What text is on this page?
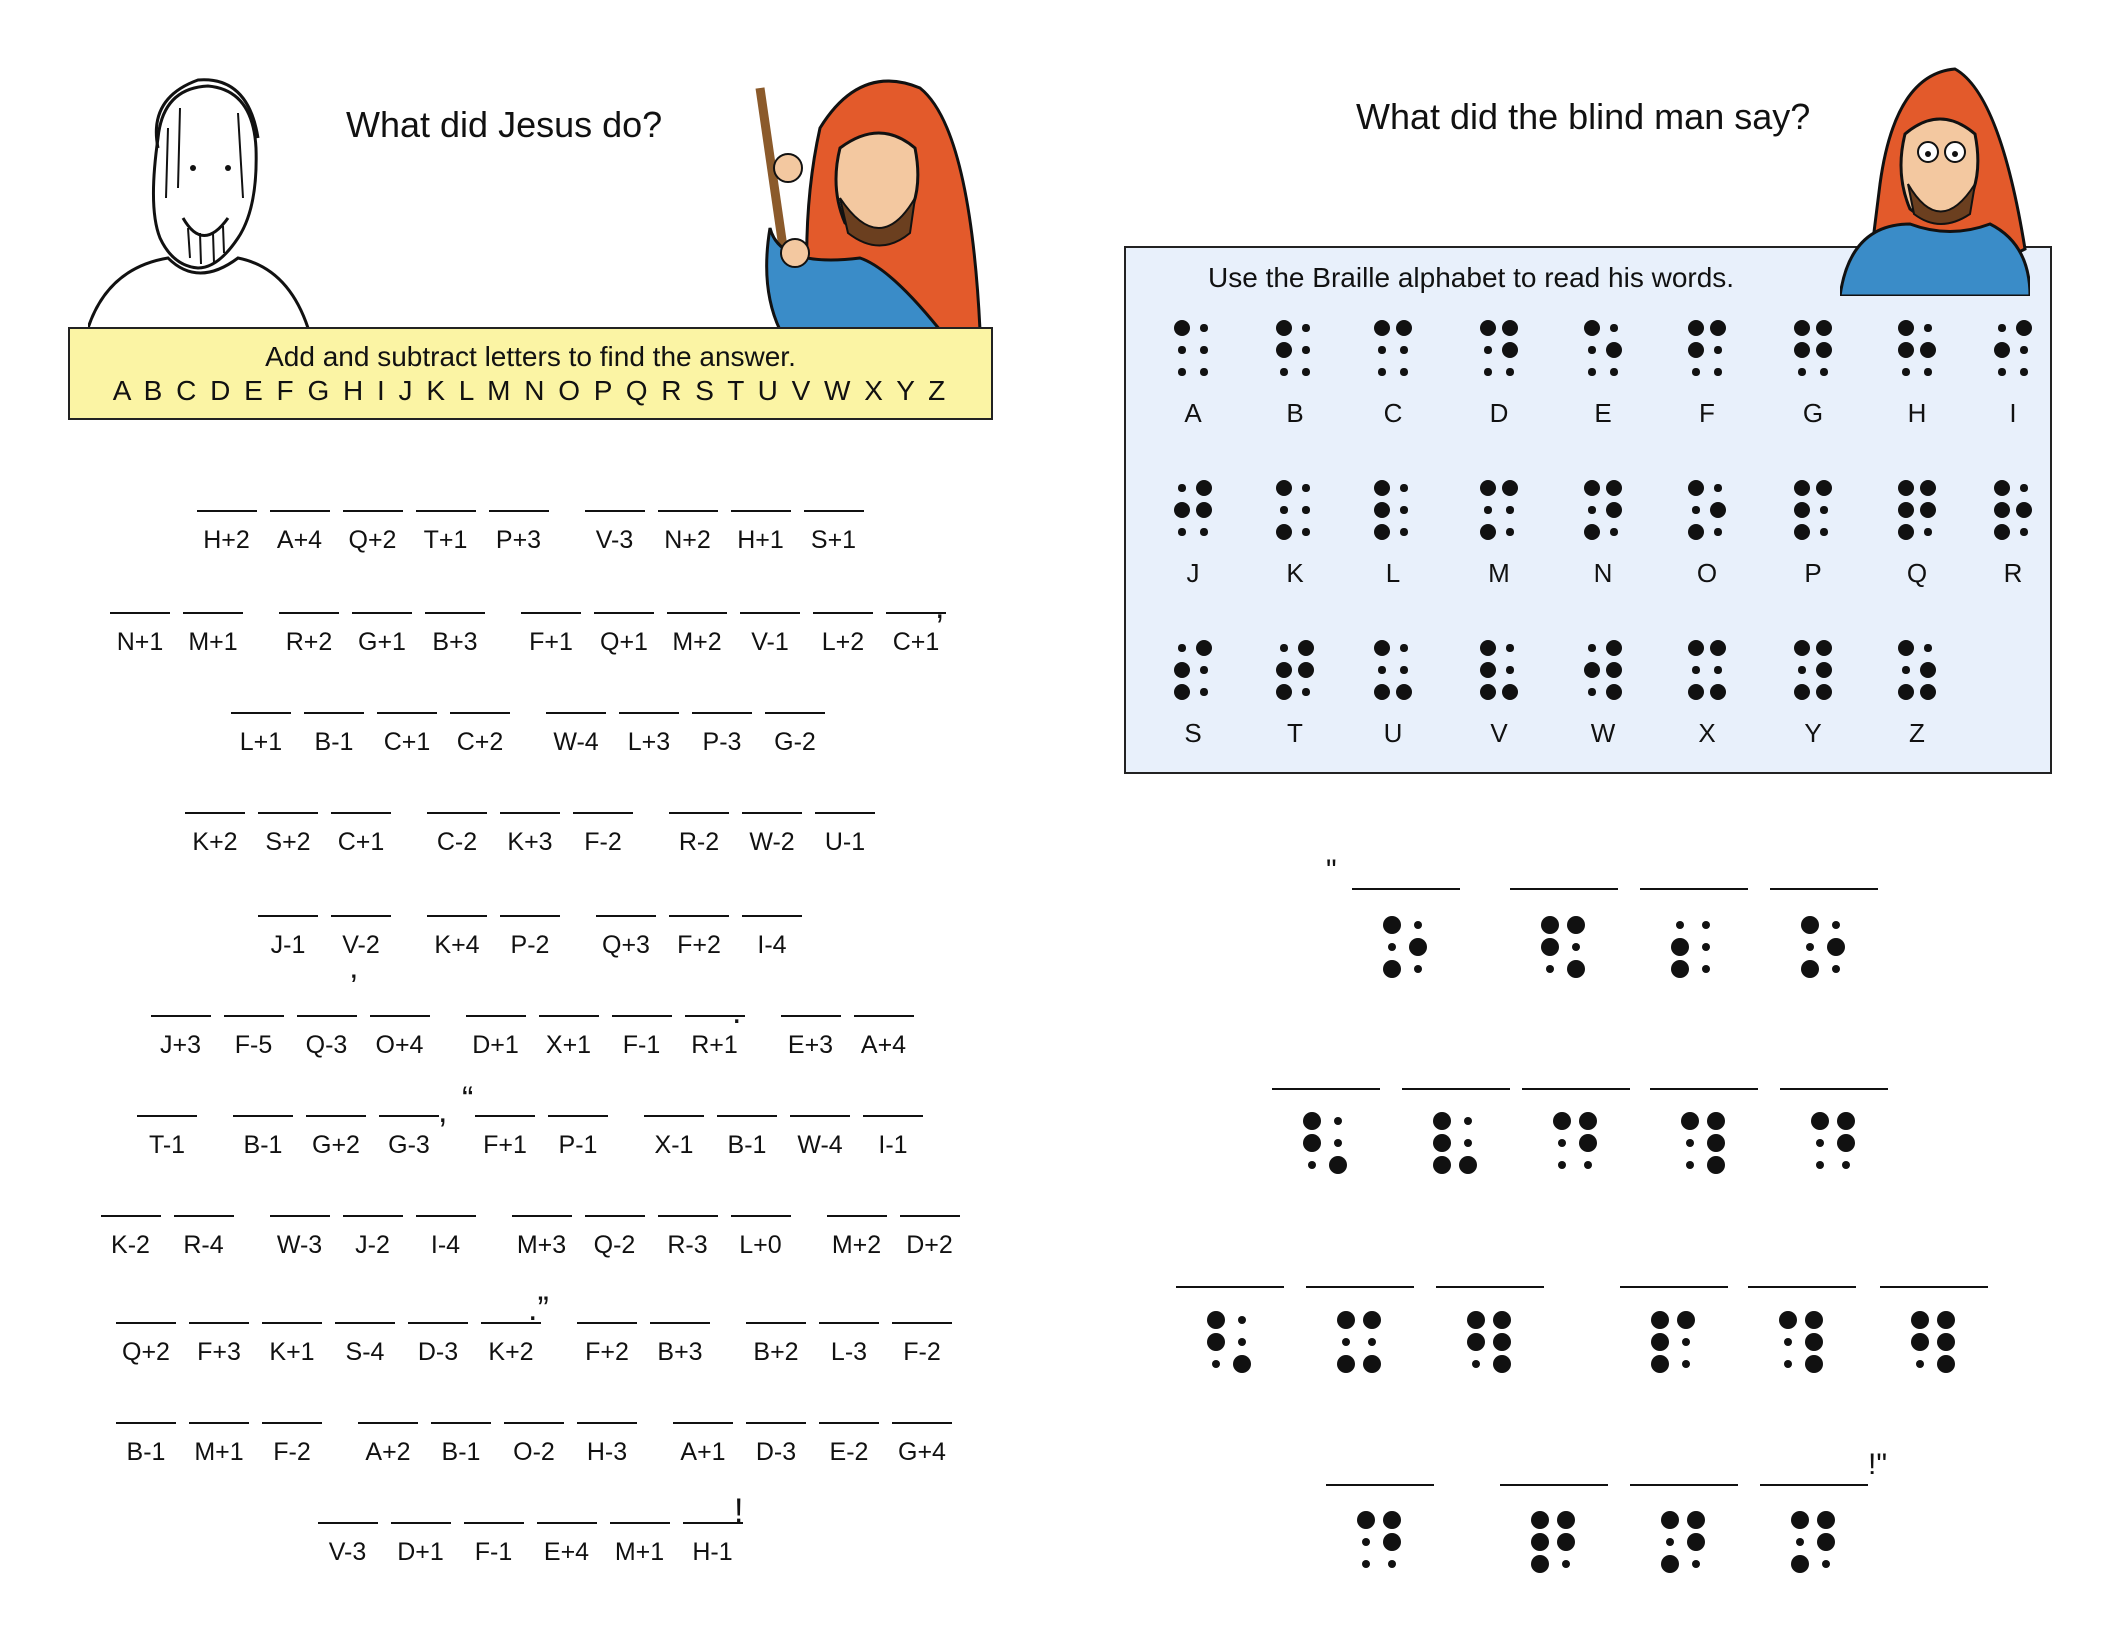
What did Jesus do?
Add and subtract letters to find the answer.
A B C D E F G H I J K L M N O P Q R S T U V W X Y Z
H+2 A+4 Q+2	T+1	P+3	V-3	N+2 H+1 S+1
N+1 M+1 R+2 G+1 B+3	F+1	Q+1 M+2	V-1	L+2	C+1
L+1	B-1	C+1 C+2 W-4	L+3	P-3	G-2
K+2 S+2 C+1	C-2	K+3	F-2	R-2	W-2	U-1
J-1	V-2	K+4	P-2	Q+3	F+2	I-4
J+3	F-5	Q-3	O+4 D+1 X+1	F-1	R+1 E+3 A+4
T-1	B-1	G+2	G-3	F+1	P-1	X-1	B-1	W-4	I-1
K-2	R-4	W-3	J-2	I-4	M+3	Q-2	R-3	L+0	M+2 D+2
Q+2	F+3	K+1	S-4	D-3	K+2	F+2	B+3 B+2	L-3	F-2
B-1	M+1	F-2	A+2	B-1	O-2	H-3	A+1	D-3	E-2	G+4
V-3	D+1	F-1	E+4 M+1	H-1
,
’
.
, “
.”
!
What did the blind man say?
Use the Braille alphabet to read his words.
A	B	C	D	E	F	G	H	I
J	K	L	M	N	O	P	Q	R
S	T	U	V	W	X	Y	Z
"
!"
